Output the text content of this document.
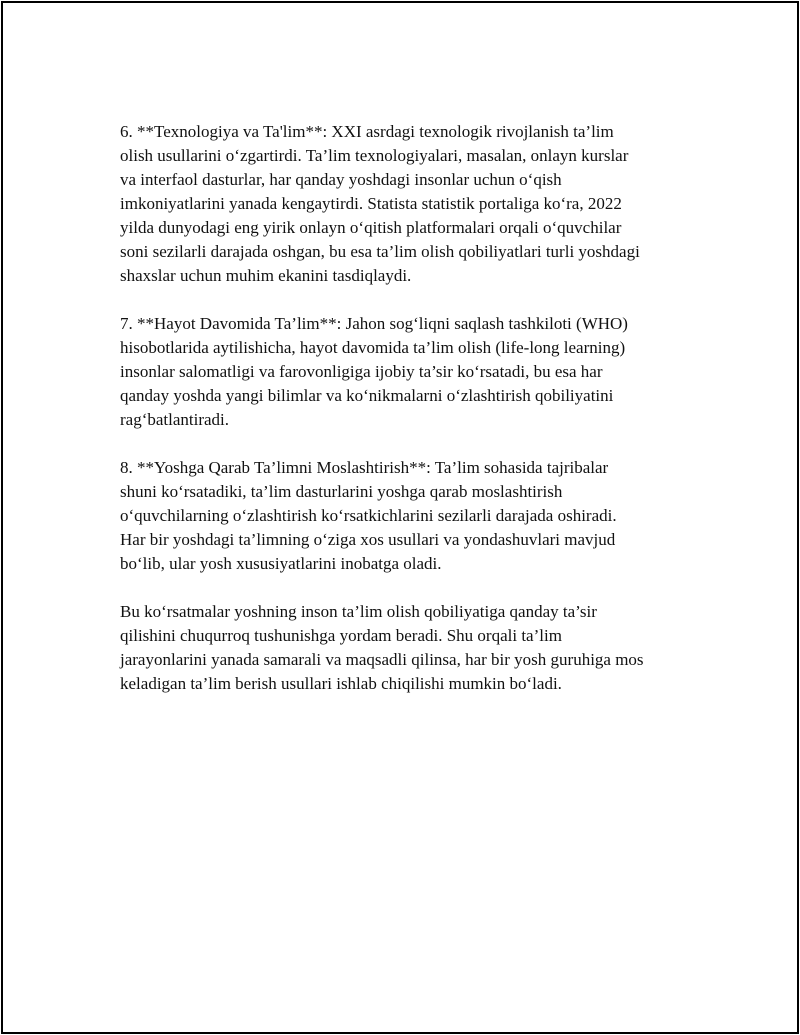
6. **Texnologiya va Ta'lim**: XXI asrdagi texnologik rivojlanish ta’lim
olish usullarini o‘zgartirdi. Ta’lim texnologiyalari, masalan, onlayn kurslar
va interfaol dasturlar, har qanday yoshdagi insonlar uchun o‘qish
imkoniyatlarini yanada kengaytirdi. Statista statistik portaliga ko‘ra, 2022
yilda dunyodagi eng yirik onlayn o‘qitish platformalari orqali o‘quvchilar
soni sezilarli darajada oshgan, bu esa ta’lim olish qobiliyatlari turli yoshdagi
shaxslar uchun muhim ekanini tasdiqlaydi.

7. **Hayot Davomida Ta’lim**: Jahon sog‘liqni saqlash tashkiloti (WHO)
hisobotlarida aytilishicha, hayot davomida ta’lim olish (life-long learning)
insonlar salomatligi va farovonligiga ijobiy ta’sir ko‘rsatadi, bu esa har
qanday yoshda yangi bilimlar va ko‘nikmalarni o‘zlashtirish qobiliyatini
rag‘batlantiradi.

8. **Yoshga Qarab Ta’limni Moslashtirish**: Ta’lim sohasida tajribalar
shuni ko‘rsatadiki, ta’lim dasturlarini yoshga qarab moslashtirish
o‘quvchilarning o‘zlashtirish ko‘rsatkichlarini sezilarli darajada oshiradi.
Har bir yoshdagi ta’limning o‘ziga xos usullari va yondashuvlari mavjud
bo‘lib, ular yosh xususiyatlarini inobatga oladi.

Bu ko‘rsatmalar yoshning inson ta’lim olish qobiliyatiga qanday ta’sir
qilishini chuqurroq tushunishga yordam beradi. Shu orqali ta’lim
jarayonlarini yanada samarali va maqsadli qilinsa, har bir yosh guruhiga mos
keladigan ta’lim berish usullari ishlab chiqilishi mumkin bo‘ladi.
